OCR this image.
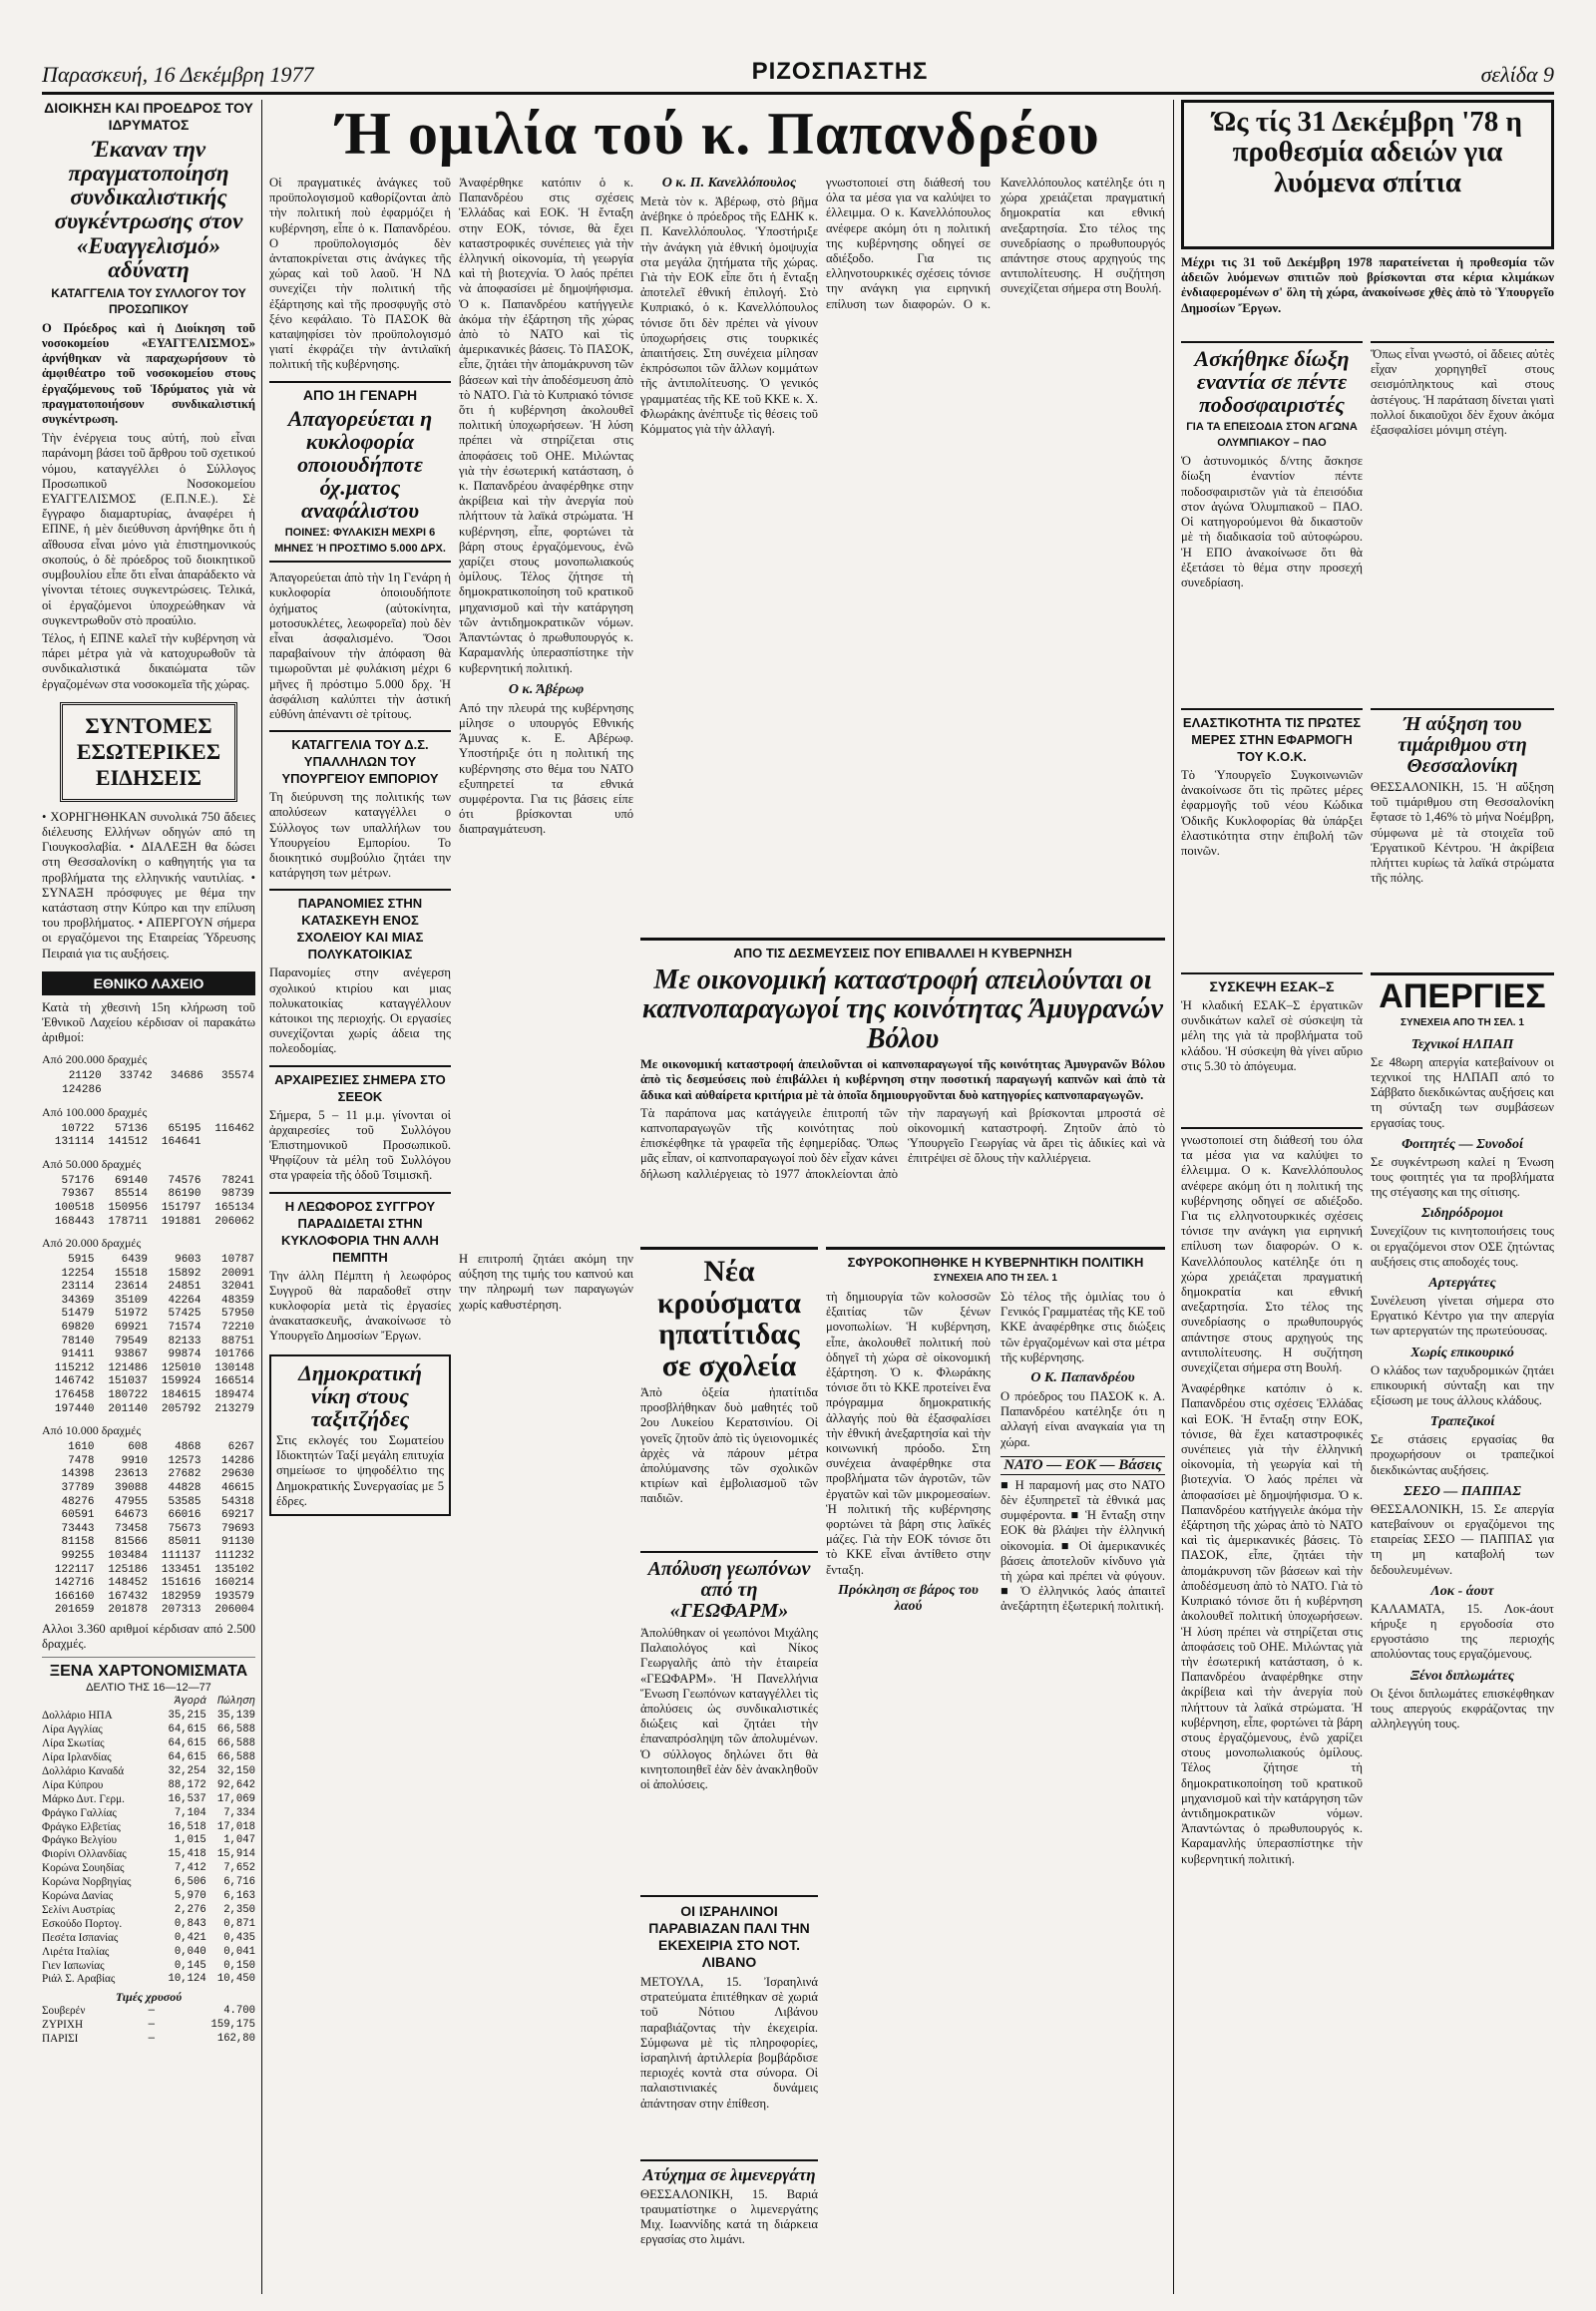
Παρασκευή, 16 Δεκέμβρη 1977	ΡΙΖΟΣΠΑΣΤΗΣ	σελίδα 9
ΔΙΟΙΚΗΣΗ ΚΑΙ ΠΡΟΕΔΡΟΣ ΤΟΥ ΙΔΡΥΜΑΤΟΣ
Έκαναν την πραγματοποίηση συνδικαλιστικής συγκέντρωσης στον «Ευαγγελισμό» αδύνατη
ΚΑΤΑΓΓΕΛΙΑ ΤΟΥ ΣΥΛΛΟΓΟΥ ΤΟΥ ΠΡΟΣΩΠΙΚΟΥ
Ο Πρόεδρος καὶ ἡ Διοίκηση τοῦ νοσοκομείου «ΕΥΑΓΓΕΛΙΣΜΟΣ» ἀρνήθηκαν νὰ παραχωρήσουν τὸ ἀμφιθέατρο τοῦ νοσοκομείου στους ἐργαζόμενους τοῦ Ἱδρύματος γιὰ νὰ πραγματοποιήσουν συνδικαλιστική συγκέντρωση.
Τὴν ἐνέργεια τους αὐτή, ποὺ εἶναι παράνομη βάσει τοῦ ἄρθρου τοῦ σχετικού νόμου, καταγγέλλει ὁ Σύλλογος Προσωπικοῦ Νοσοκομείου ΕΥΑΓΓΕΛΙΣΜΟΣ (Ε.Π.Ν.Ε.). Σὲ ἔγγραφο διαμαρτυρίας, ἀναφέρει ἡ ΕΠΝΕ, ἡ μὲν διεύθυνση ἀρνήθηκε ὅτι ἡ αἴθουσα εἶναι μόνο γιὰ ἐπιστημονικούς σκοπούς, ὁ δὲ πρόεδρος τοῦ διοικητικοῦ συμβουλίου εἶπε ὅτι εἶναι ἀπαράδεκτο νὰ γίνονται τέτοιες συγκεντρώσεις. Τελικά, οἱ ἐργαζόμενοι ὑποχρεώθηκαν νὰ συγκεντρωθοῦν στὸ προαύλιο.
Τέλος, ἡ ΕΠΝΕ καλεῖ τὴν κυβέρνηση νὰ πάρει μέτρα γιὰ νὰ κατοχυρωθοῦν τὰ συνδικαλιστικά δικαιώματα τῶν ἐργαζομένων στα νοσοκομεῖα τῆς χώρας.
ΣΥΝΤΟΜΕΣ ΕΣΩΤΕΡΙΚΕΣ ΕΙΔΗΣΕΙΣ
• ΧΟΡΗΓΗΘΗΚΑΝ συνολικά 750 ἄδειες διέλευσης Ελλήνων οδηγών από τη Γιουγκοσλαβία. • ΔΙΑΛΕΞΗ θα δώσει στη Θεσσαλονίκη ο καθηγητής για τα προβλήματα της ελληνικής ναυτιλίας. • ΣΥΝΑΞΗ πρόσφυγες με θέμα την κατάσταση στην Κύπρο και την επίλυση του προβλήματος. • ΑΠΕΡΓΟΥΝ σήμερα οι εργαζόμενοι της Εταιρείας Ύδρευσης Πειραιά για τις αυξήσεις.
ΕΘΝΙΚΟ ΛΑΧΕΙΟ
Κατὰ τὴ χθεσινὴ 15η κλήρωση τοῦ Ἐθνικοῦ Λαχείου κέρδισαν οἱ παρακάτω ἀριθμοί:
Από 200.000 δραχμές
21120	33742	34686	35574
124286			
Από 100.000 δραχμές
10722	57136	65195	116462
131114	141512	164641	
Από 50.000 δραχμές
57176	69140	74576	78241
79367	85514	86190	98739
100518	150956	151797	165134
168443	178711	191881	206062
Από 20.000 δραχμές
5915	6439	9603	10787
12254	15518	15892	20091
23114	23614	24851	32041
34369	35109	42264	48359
51479	51972	57425	57950
69820	69921	71574	72210
78140	79549	82133	88751
91411	93867	99874	101766
115212	121486	125010	130148
146742	151037	159924	166514
176458	180722	184615	189474
197440	201140	205792	213279
Από 10.000 δραχμές
1610	608	4868	6267
7478	9910	12573	14286
14398	23613	27682	29630
37789	39088	44828	46615
48276	47955	53585	54318
60591	64673	66016	69217
73443	73458	75673	79693
81158	81566	85011	91130
99255	103484	111137	111232
122117	125186	133451	135102
142716	148452	151616	160214
166160	167432	182959	193579
201659	201878	207313	206004
Αλλοι 3.360 αριθμοί κέρδισαν από 2.500 δραχμές.
ΞΕΝΑ ΧΑΡΤΟΝΟΜΙΣΜΑΤΑ
ΔΕΛΤΙΟ ΤΗΣ 16—12—77
	Άγορά	Πώληση
Δολλάριο ΗΠΑ	35,215	35,139
Λίρα Αγγλίας	64,615	66,588
Λίρα Σκωτίας	64,615	66,588
Λίρα Ιρλανδίας	64,615	66,588
Δολλάριο Καναδά	32,254	32,150
Λίρα Κύπρου	88,172	92,642
Μάρκο Δυτ. Γερμ.	16,537	17,069
Φράγκο Γαλλίας	7,104	7,334
Φράγκο Ελβετίας	16,518	17,018
Φράγκο Βελγίου	1,015	1,047
Φιορίνι Ολλανδίας	15,418	15,914
Κορώνα Σουηδίας	7,412	7,652
Κορώνα Νορβηγίας	6,506	6,716
Κορώνα Δανίας	5,970	6,163
Σελίνι Αυστρίας	2,276	2,350
Εσκούδο Πορτογ.	0,843	0,871
Πεσέτα Ισπανίας	0,421	0,435
Λιρέτα Ιταλίας	0,040	0,041
Γιεν Ιαπωνίας	0,145	0,150
Ριάλ Σ. Αραβίας	10,124	10,450
Τιμές χρυσού
Σουβερέν	—	4.700
ΖΥΡΙΧΗ	—	159,175
ΠΑΡΙΣΙ	—	162,80
Ή ομιλία τού κ. Παπανδρέου
Οἱ πραγματικές ἀνάγκες τοῦ προϋπολογισμοῦ καθορίζονται ἀπὸ τὴν πολιτική ποὺ ἐφαρμόζει ἡ κυβέρνηση, εἶπε ὁ κ. Παπανδρέου. Ο προϋπολογισμός δὲν ἀνταποκρίνεται στις ἀνάγκες τῆς χώρας καὶ τοῦ λαοῦ. Ἡ ΝΔ συνεχίζει τὴν πολιτική τῆς ἐξάρτησης καὶ τῆς προσφυγῆς στὸ ξένο κεφάλαιο. Τὸ ΠΑΣΟΚ θὰ καταψηφίσει τὸν προϋπολογισμό γιατί ἐκφράζει τὴν ἀντιλαϊκή πολιτική τῆς κυβέρνησης.
ΑΠΟ 1Η ΓΕΝΑΡΗ
Απαγορεύεται η κυκλοφορία οποιουδήποτε όχ.ματος αναφάλιστου
ΠΟΙΝΕΣ: ΦΥΛΑΚΙΣΗ ΜΕΧΡΙ 6 ΜΗΝΕΣ Ή ΠΡΟΣΤΙΜΟ 5.000 ΔΡΧ.
Ἀπαγορεύεται ἀπὸ τὴν 1η Γενάρη ἡ κυκλοφορία ὁποιουδήποτε ὀχήματος (αὐτοκίνητα, μοτοσυκλέτες, λεωφορεῖα) ποὺ δὲν εἶναι ἀσφαλισμένο. Ὅσοι παραβαίνουν τὴν ἀπόφαση θὰ τιμωροῦνται μὲ φυλάκιση μέχρι 6 μῆνες ἢ πρόστιμο 5.000 δρχ. Ἡ ἀσφάλιση καλύπτει τὴν ἀστική εὐθύνη ἀπέναντι σὲ τρίτους.
ΚΑΤΑΓΓΕΛΙΑ ΤΟΥ Δ.Σ. ΥΠΑΛΛΗΛΩΝ ΤΟΥ ΥΠΟΥΡΓΕΙΟΥ ΕΜΠΟΡΙΟΥ
Τη διεύρυνση της πολιτικής των απολύσεων καταγγέλλει ο Σύλλογος των υπαλλήλων του Υπουργείου Εμπορίου. Το διοικητικό συμβούλιο ζητάει την κατάργηση των μέτρων.
ΠΑΡΑΝΟΜΙΕΣ ΣΤΗΝ ΚΑΤΑΣΚΕΥΗ ΕΝΟΣ ΣΧΟΛΕΙΟΥ ΚΑΙ ΜΙΑΣ ΠΟΛΥΚΑΤΟΙΚΙΑΣ
Παρανομίες στην ανέγερση σχολικού κτιρίου και μιας πολυκατοικίας καταγγέλλουν κάτοικοι της περιοχής. Οι εργασίες συνεχίζονται χωρίς άδεια της πολεοδομίας.
ΑΡΧΑΙΡΕΣΙΕΣ ΣΗΜΕΡΑ ΣΤΟ ΣΕΕΟΚ
Σήμερα, 5 – 11 μ.μ. γίνονται οἱ ἀρχαιρεσίες τοῦ Συλλόγου Ἐπιστημονικοῦ Προσωπικοῦ. Ψηφίζουν τὰ μέλη τοῦ Συλλόγου στα γραφεία τῆς ὁδοῦ Τσιμισκῆ.
Η ΛΕΩΦΟΡΟΣ ΣΥΓΓΡΟΥ ΠΑΡΑΔΙΔΕΤΑΙ ΣΤΗΝ ΚΥΚΛΟΦΟΡΙΑ ΤΗΝ ΑΛΛΗ ΠΕΜΠΤΗ
Την άλλη Πέμπτη ἡ λεωφόρος Συγγροῦ θὰ παραδοθεῖ στην κυκλοφορία μετὰ τὶς ἐργασίες ἀνακατασκευῆς, ἀνακοίνωσε τὸ Υπουργεῖο Δημοσίων Ἔργων.
Δημοκρατική νίκη στους ταξιτζήδες
Στις εκλογές του Σωματείου Ιδιοκτητών Ταξί μεγάλη επιτυχία σημείωσε το ψηφοδέλτιο της Δημοκρατικής Συνεργασίας με 5 έδρες.
Ἀναφέρθηκε κατόπιν ὁ κ. Παπανδρέου στις σχέσεις Ἑλλάδας καὶ ΕΟΚ. Ἡ ἔνταξη στην ΕΟΚ, τόνισε, θὰ ἔχει καταστροφικές συνέπειες γιὰ τὴν ἑλληνική οἰκονομία, τὴ γεωργία καὶ τὴ βιοτεχνία. Ὁ λαός πρέπει νὰ ἀποφασίσει μὲ δημοψήφισμα. Ὁ κ. Παπανδρέου κατήγγειλε ἀκόμα τὴν ἐξάρτηση τῆς χώρας ἀπὸ τὸ ΝΑΤΟ καὶ τὶς ἀμερικανικές βάσεις. Τὸ ΠΑΣΟΚ, εἶπε, ζητάει τὴν ἀπομάκρυνση τῶν βάσεων καὶ τὴν ἀποδέσμευση ἀπὸ τὸ ΝΑΤΟ. Γιὰ τὸ Κυπριακό τόνισε ὅτι ἡ κυβέρνηση ἀκολουθεῖ πολιτική ὑποχωρήσεων. Ἡ λύση πρέπει νὰ στηρίζεται στις ἀποφάσεις τοῦ ΟΗΕ. Μιλώντας γιὰ τὴν ἐσωτερική κατάσταση, ὁ κ. Παπανδρέου ἀναφέρθηκε στην ἀκρίβεια καὶ τὴν ἀνεργία ποὺ πλήττουν τὰ λαϊκά στρώματα. Ἡ κυβέρνηση, εἶπε, φορτώνει τὰ βάρη στους ἐργαζόμενους, ἐνῶ χαρίζει στους μονοπωλιακούς ὁμίλους. Τέλος ζήτησε τὴ δημοκρατικοποίηση τοῦ κρατικοῦ μηχανισμοῦ καὶ τὴν κατάργηση τῶν ἀντιδημοκρατικῶν νόμων. Ἀπαντώντας ὁ πρωθυπουργός κ. Καραμανλής ὑπερασπίστηκε τὴν κυβερνητική πολιτική.
Ο κ. Άβέρωφ
Από την πλευρά της κυβέρνησης μίλησε ο υπουργός Εθνικής Άμυνας κ. Ε. Αβέρωφ. Υποστήριξε ότι η πολιτική της κυβέρνησης στο θέμα του ΝΑΤΟ εξυπηρετεί τα εθνικά συμφέροντα. Για τις βάσεις είπε ότι βρίσκονται υπό διαπραγμάτευση.
Ο κ. Π. Κανελλόπουλος
Μετὰ τὸν κ. Ἀβέρωφ, στὸ βῆμα ἀνέβηκε ὁ πρόεδρος τῆς ΕΔΗΚ κ. Π. Κανελλόπουλος. Ὑποστήριξε τὴν ἀνάγκη γιὰ ἐθνική ὁμοψυχία στα μεγάλα ζητήματα τῆς χώρας. Γιὰ τὴν ΕΟΚ εἶπε ὅτι ἡ ἔνταξη ἀποτελεῖ ἐθνική ἐπιλογή. Στὸ Κυπριακό, ὁ κ. Κανελλόπουλος τόνισε ὅτι δὲν πρέπει νὰ γίνουν ὑποχωρήσεις στις τουρκικές ἀπαιτήσεις. Στη συνέχεια μίλησαν ἐκπρόσωποι τῶν ἄλλων κομμάτων τῆς ἀντιπολίτευσης. Ὁ γενικός γραμματέας τῆς ΚΕ τοῦ ΚΚΕ κ. Χ. Φλωράκης ἀνέπτυξε τὶς θέσεις τοῦ Κόμματος γιὰ τὴν ἀλλαγή.
γνωστοποιεί στη διάθεσή του όλα τα μέσα για να καλύψει το έλλειμμα. Ο κ. Κανελλόπουλος ανέφερε ακόμη ότι η πολιτική της κυβέρνησης οδηγεί σε αδιέξοδο. Για τις ελληνοτουρκικές σχέσεις τόνισε την ανάγκη για ειρηνική επίλυση των διαφορών. Ο κ. Κανελλόπουλος κατέληξε ότι η χώρα χρειάζεται πραγματική δημοκρατία και εθνική ανεξαρτησία. Στο τέλος της συνεδρίασης ο πρωθυπουργός απάντησε στους αρχηγούς της αντιπολίτευσης. Η συζήτηση συνεχίζεται σήμερα στη Βουλή.
ΑΠΟ ΤΙΣ ΔΕΣΜΕΥΣΕΙΣ ΠΟΥ ΕΠΙΒΑΛΛΕΙ Η ΚΥΒΕΡΝΗΣΗ
Με οικονομική καταστροφή απειλούνται οι καπνοπαραγωγοί της κοινότητας Άμυγρανών Βόλου
Με οικονομική καταστροφή ἀπειλοῦνται οἱ καπνοπαραγωγοί τῆς κοινότητας Ἀμυγρανῶν Βόλου ἀπὸ τὶς δεσμεύσεις ποὺ ἐπιβάλλει ἡ κυβέρνηση στην ποσοτική παραγωγή καπνῶν καὶ ἀπὸ τὰ ἄδικα καὶ αὐθαίρετα κριτήρια μὲ τὰ ὁποῖα δημιουργοῦνται δυὸ κατηγορίες καπνοπαραγωγῶν.
Τὰ παράπονα μας κατάγγειλε ἐπιτροπή τῶν καπνοπαραγωγῶν τῆς κοινότητας ποὺ ἐπισκέφθηκε τὰ γραφεῖα τῆς ἐφημερίδας. Ὅπως μᾶς εἶπαν, οἱ καπνοπαραγωγοί ποὺ δὲν εἶχαν κάνει δήλωση καλλιέργειας τὸ 1977 ἀποκλείονται ἀπὸ τὴν παραγωγή καὶ βρίσκονται μπροστά σὲ οἰκονομική καταστροφή. Ζητοῦν ἀπὸ τὸ Ὑπουργεῖο Γεωργίας νὰ ἄρει τὶς ἀδικίες καὶ νὰ ἐπιτρέψει σὲ ὅλους τὴν καλλιέργεια.
Η επιτροπή ζητάει ακόμη την αύξηση της τιμής του καπνού και την πληρωμή των παραγωγών χωρίς καθυστέρηση.
Νέα κρούσματα ηπατίτιδας σε σχολεία
Ἀπὸ ὀξεία ἠπατίτιδα προσβλήθηκαν δυὸ μαθητές τοῦ 2ου Λυκείου Κερατσινίου. Οἱ γονεῖς ζητοῦν ἀπὸ τὶς ὑγειονομικές ἀρχὲς νὰ πάρουν μέτρα ἀπολύμανσης τῶν σχολικῶν κτιρίων καὶ ἐμβολιασμοῦ τῶν παιδιῶν.
Απόλυση γεωπόνων από τη «ΓΕΩΦΑΡΜ»
Ἀπολύθηκαν οἱ γεωπόνοι Μιχάλης Παλαιολόγος καὶ Νίκος Γεωργαλῆς ἀπὸ τὴν ἑταιρεία «ΓΕΩΦΑΡΜ». Ἡ Πανελλήνια Ἕνωση Γεωπόνων καταγγέλλει τὶς ἀπολύσεις ὡς συνδικαλιστικές διώξεις καὶ ζητάει τὴν ἐπαναπρόσληψη τῶν ἀπολυμένων. Ὁ σύλλογος δηλώνει ὅτι θὰ κινητοποιηθεῖ ἐὰν δὲν ἀνακληθοῦν οἱ ἀπολύσεις.
ΟΙ ΙΣΡΑΗΛΙΝΟΙ ΠΑΡΑΒΙΑΖΑΝ ΠΑΛΙ ΤΗΝ ΕΚΕΧΕΙΡΙΑ ΣΤΟ ΝΟΤ. ΛΙΒΑΝΟ
ΜΕΤΟΥΛΑ, 15. Ἰσραηλινά στρατεύματα ἐπιτέθηκαν σὲ χωριά τοῦ Νότιου Λιβάνου παραβιάζοντας τὴν ἐκεχειρία. Σύμφωνα μὲ τὶς πληροφορίες, ἰσραηλινή ἀρτιλλερία βομβάρδισε περιοχές κοντὰ στα σύνορα. Οἱ παλαιστινιακές δυνάμεις ἀπάντησαν στην ἐπίθεση.
Ατύχημα σε λιμενεργάτη
ΘΕΣΣΑΛΟΝΙΚΗ, 15. Βαριά τραυματίστηκε ο λιμενεργάτης Μιχ. Ιωαννίδης κατά τη διάρκεια εργασίας στο λιμάνι.
ΣΦΥΡΟΚΟΠΗΘΗΚΕ Η ΚΥΒΕΡΝΗΤΙΚΗ ΠΟΛΙΤΙΚΗ
ΣΥΝΕΧΕΙΑ ΑΠΟ ΤΗ ΣΕΛ. 1
τὴ δημιουργία τῶν κολοσσῶν ἐξαιτίας τῶν ξένων μονοπωλίων. Ἡ κυβέρνηση, εἶπε, ἀκολουθεῖ πολιτική ποὺ ὁδηγεῖ τὴ χώρα σὲ οἰκονομική ἐξάρτηση. Ὁ κ. Φλωράκης τόνισε ὅτι τὸ ΚΚΕ προτείνει ἕνα πρόγραμμα δημοκρατικής ἀλλαγής ποὺ θὰ ἐξασφαλίσει τὴν ἐθνική ἀνεξαρτησία καὶ τὴν κοινωνική πρόοδο. Στη συνέχεια ἀναφέρθηκε στα προβλήματα τῶν ἀγροτῶν, τῶν ἐργατῶν καὶ τῶν μικρομεσαίων. Ἡ πολιτική τῆς κυβέρνησης φορτώνει τὰ βάρη στις λαϊκές μάζες. Γιὰ τὴν ΕΟΚ τόνισε ὅτι τὸ ΚΚΕ εἶναι ἀντίθετο στην ἔνταξη.
Πρόκληση σε βάρος του λαού
Σὸ τέλος τῆς ὁμιλίας του ὁ Γενικός Γραμματέας τῆς ΚΕ τοῦ ΚΚΕ ἀναφέρθηκε στις διώξεις τῶν ἐργαζομένων καὶ στα μέτρα τῆς κυβέρνησης.
Ο Κ. Παπανδρέου
Ο πρόεδρος του ΠΑΣΟΚ κ. Α. Παπανδρέου κατέληξε ότι η αλλαγή είναι αναγκαία για τη χώρα.
ΝΑΤΟ — ΕΟΚ — Βάσεις
■ Η παραμονή μας στο ΝΑΤΟ δὲν ἐξυπηρετεῖ τὰ ἐθνικά μας συμφέροντα. ■ Ἡ ἔνταξη στην ΕΟΚ θὰ βλάψει τὴν ἑλληνική οἰκονομία. ■ Οἱ ἀμερικανικές βάσεις ἀποτελοῦν κίνδυνο γιὰ τὴ χώρα καὶ πρέπει νὰ φύγουν. ■ Ὁ ἐλληνικός λαός ἀπαιτεῖ ἀνεξάρτητη ἐξωτερική πολιτική.
Ώς τίς 31 Δεκέμβρη '78 η προθεσμία αδειών για λυόμενα σπίτια
Μέχρι τις 31 τοῦ Δεκέμβρη 1978 παρατείνεται ἡ προθεσμία τῶν ἀδειῶν λυόμενων σπιτιῶν ποὺ βρίσκονται στα κέρια κλιμάκων ἐνδιαφερομένων σ' ὅλη τὴ χώρα, ἀνακοίνωσε χθὲς ἀπὸ τὸ Ὑπουργεῖο Δημοσίων Ἔργων.
Ασκήθηκε δίωξη εναντία σε πέντε ποδοσφαιριστές
ΓΙΑ ΤΑ ΕΠΕΙΣΟΔΙΑ ΣΤΟΝ ΑΓΩΝΑ ΟΛΥΜΠΙΑΚΟΥ – ΠΑΟ
Ὁ ἀστυνομικός δ/ντης ἄσκησε δίωξη ἐναντίον πέντε ποδοσφαιριστῶν γιὰ τὰ ἐπεισόδια στον ἀγώνα Ὀλυμπιακοῦ – ΠΑΟ. Οἱ κατηγορούμενοι θὰ δικαστοῦν μὲ τὴ διαδικασία τοῦ αὐτοφώρου. Ἡ ΕΠΟ ἀνακοίνωσε ὅτι θὰ ἐξετάσει τὸ θέμα στην προσεχή συνεδρίαση.
Ὅπως εἶναι γνωστό, οἱ ἄδειες αὐτὲς εἶχαν χορηγηθεῖ στους σεισμόπληκτους καὶ στους ἀστέγους. Ἡ παράταση δίνεται γιατὶ πολλοί δικαιοῦχοι δὲν ἔχουν ἀκόμα ἐξασφαλίσει μόνιμη στέγη.
ΕΛΑΣΤΙΚΟΤΗΤΑ ΤΙΣ ΠΡΩΤΕΣ ΜΕΡΕΣ ΣΤΗΝ ΕΦΑΡΜΟΓΗ ΤΟΥ Κ.Ο.Κ.
Τὸ Ὑπουργεῖο Συγκοινωνιῶν ἀνακοίνωσε ὅτι τὶς πρῶτες μέρες ἐφαρμογῆς τοῦ νέου Κώδικα Ὁδικῆς Κυκλοφορίας θὰ ὑπάρξει ἐλαστικότητα στην ἐπιβολή τῶν ποινῶν.
Ή αύξηση του τιμάριθμου στη Θεσσαλονίκη
ΘΕΣΣΑΛΟΝΙΚΗ, 15. Ἡ αὔξηση τοῦ τιμάριθμου στη Θεσσαλονίκη ἔφτασε τὸ 1,46% τὸ μήνα Νοέμβρη, σύμφωνα μὲ τὰ στοιχεῖα τοῦ Ἐργατικοῦ Κέντρου. Ἡ ἀκρίβεια πλήττει κυρίως τὰ λαϊκά στρώματα τῆς πόλης.
ΣΥΣΚΕΨΗ ΕΣΑΚ–Σ
Ἡ κλαδική ΕΣΑΚ–Σ ἐργατικῶν συνδικάτων καλεῖ σὲ σύσκεψη τὰ μέλη της γιὰ τὰ προβλήματα τοῦ κλάδου. Ἡ σύσκεψη θὰ γίνει αὔριο στις 5.30 τὸ ἀπόγευμα.
ΑΠΕΡΓΙΕΣ
ΣΥΝΕΧΕΙΑ ΑΠΟ ΤΗ ΣΕΛ. 1
Τεχνικοί ΗΛΠΑΠ
Σε 48ωρη απεργία κατεβαίνουν οι τεχνικοί της ΗΛΠΑΠ από το Σάββατο διεκδικώντας αυξήσεις και τη σύνταξη των συμβάσεων εργασίας τους.
Φοιτητές — Συνοδοί
Σε συγκέντρωση καλεί η Ένωση τους φοιτητές για τα προβλήματα της στέγασης και της σίτισης.
Σιδηρόδρομοι
Συνεχίζουν τις κινητοποιήσεις τους οι εργαζόμενοι στον ΟΣΕ ζητώντας αυξήσεις στις αποδοχές τους.
Αρτεργάτες
Συνέλευση γίνεται σήμερα στο Εργατικό Κέντρο για την απεργία των αρτεργατών της πρωτεύουσας.
Χωρίς επικουρικό
Ο κλάδος των ταχυδρομικών ζητάει επικουρική σύνταξη και την εξίσωση με τους άλλους κλάδους.
Τραπεζικοί
Σε στάσεις εργασίας θα προχωρήσουν οι τραπεζικοί διεκδικώντας αυξήσεις.
ΣΕΣΟ — ΠΑΠΠΑΣ
ΘΕΣΣΑΛΟΝΙΚΗ, 15. Σε απεργία κατεβαίνουν οι εργαζόμενοι της εταιρείας ΣΕΣΟ — ΠΑΠΠΑΣ για τη μη καταβολή των δεδουλευμένων.
Λοκ - άουτ
ΚΑΛΑΜΑΤΑ, 15. Λοκ-άουτ κήρυξε η εργοδοσία στο εργοστάσιο της περιοχής απολύοντας τους εργαζόμενους.
Ξένοι διπλωμάτες
Οι ξένοι διπλωμάτες επισκέφθηκαν τους απεργούς εκφράζοντας την αλληλεγγύη τους.
γνωστοποιεί στη διάθεσή του όλα τα μέσα για να καλύψει το έλλειμμα. Ο κ. Κανελλόπουλος ανέφερε ακόμη ότι η πολιτική της κυβέρνησης οδηγεί σε αδιέξοδο. Για τις ελληνοτουρκικές σχέσεις τόνισε την ανάγκη για ειρηνική επίλυση των διαφορών. Ο κ. Κανελλόπουλος κατέληξε ότι η χώρα χρειάζεται πραγματική δημοκρατία και εθνική ανεξαρτησία. Στο τέλος της συνεδρίασης ο πρωθυπουργός απάντησε στους αρχηγούς της αντιπολίτευσης. Η συζήτηση συνεχίζεται σήμερα στη Βουλή.
Ἀναφέρθηκε κατόπιν ὁ κ. Παπανδρέου στις σχέσεις Ἑλλάδας καὶ ΕΟΚ. Ἡ ἔνταξη στην ΕΟΚ, τόνισε, θὰ ἔχει καταστροφικές συνέπειες γιὰ τὴν ἑλληνική οἰκονομία, τὴ γεωργία καὶ τὴ βιοτεχνία. Ὁ λαός πρέπει νὰ ἀποφασίσει μὲ δημοψήφισμα. Ὁ κ. Παπανδρέου κατήγγειλε ἀκόμα τὴν ἐξάρτηση τῆς χώρας ἀπὸ τὸ ΝΑΤΟ καὶ τὶς ἀμερικανικές βάσεις. Τὸ ΠΑΣΟΚ, εἶπε, ζητάει τὴν ἀπομάκρυνση τῶν βάσεων καὶ τὴν ἀποδέσμευση ἀπὸ τὸ ΝΑΤΟ. Γιὰ τὸ Κυπριακό τόνισε ὅτι ἡ κυβέρνηση ἀκολουθεῖ πολιτική ὑποχωρήσεων. Ἡ λύση πρέπει νὰ στηρίζεται στις ἀποφάσεις τοῦ ΟΗΕ. Μιλώντας γιὰ τὴν ἐσωτερική κατάσταση, ὁ κ. Παπανδρέου ἀναφέρθηκε στην ἀκρίβεια καὶ τὴν ἀνεργία ποὺ πλήττουν τὰ λαϊκά στρώματα. Ἡ κυβέρνηση, εἶπε, φορτώνει τὰ βάρη στους ἐργαζόμενους, ἐνῶ χαρίζει στους μονοπωλιακούς ὁμίλους. Τέλος ζήτησε τὴ δημοκρατικοποίηση τοῦ κρατικοῦ μηχανισμοῦ καὶ τὴν κατάργηση τῶν ἀντιδημοκρατικῶν νόμων. Ἀπαντώντας ὁ πρωθυπουργός κ. Καραμανλής ὑπερασπίστηκε τὴν κυβερνητική πολιτική.
